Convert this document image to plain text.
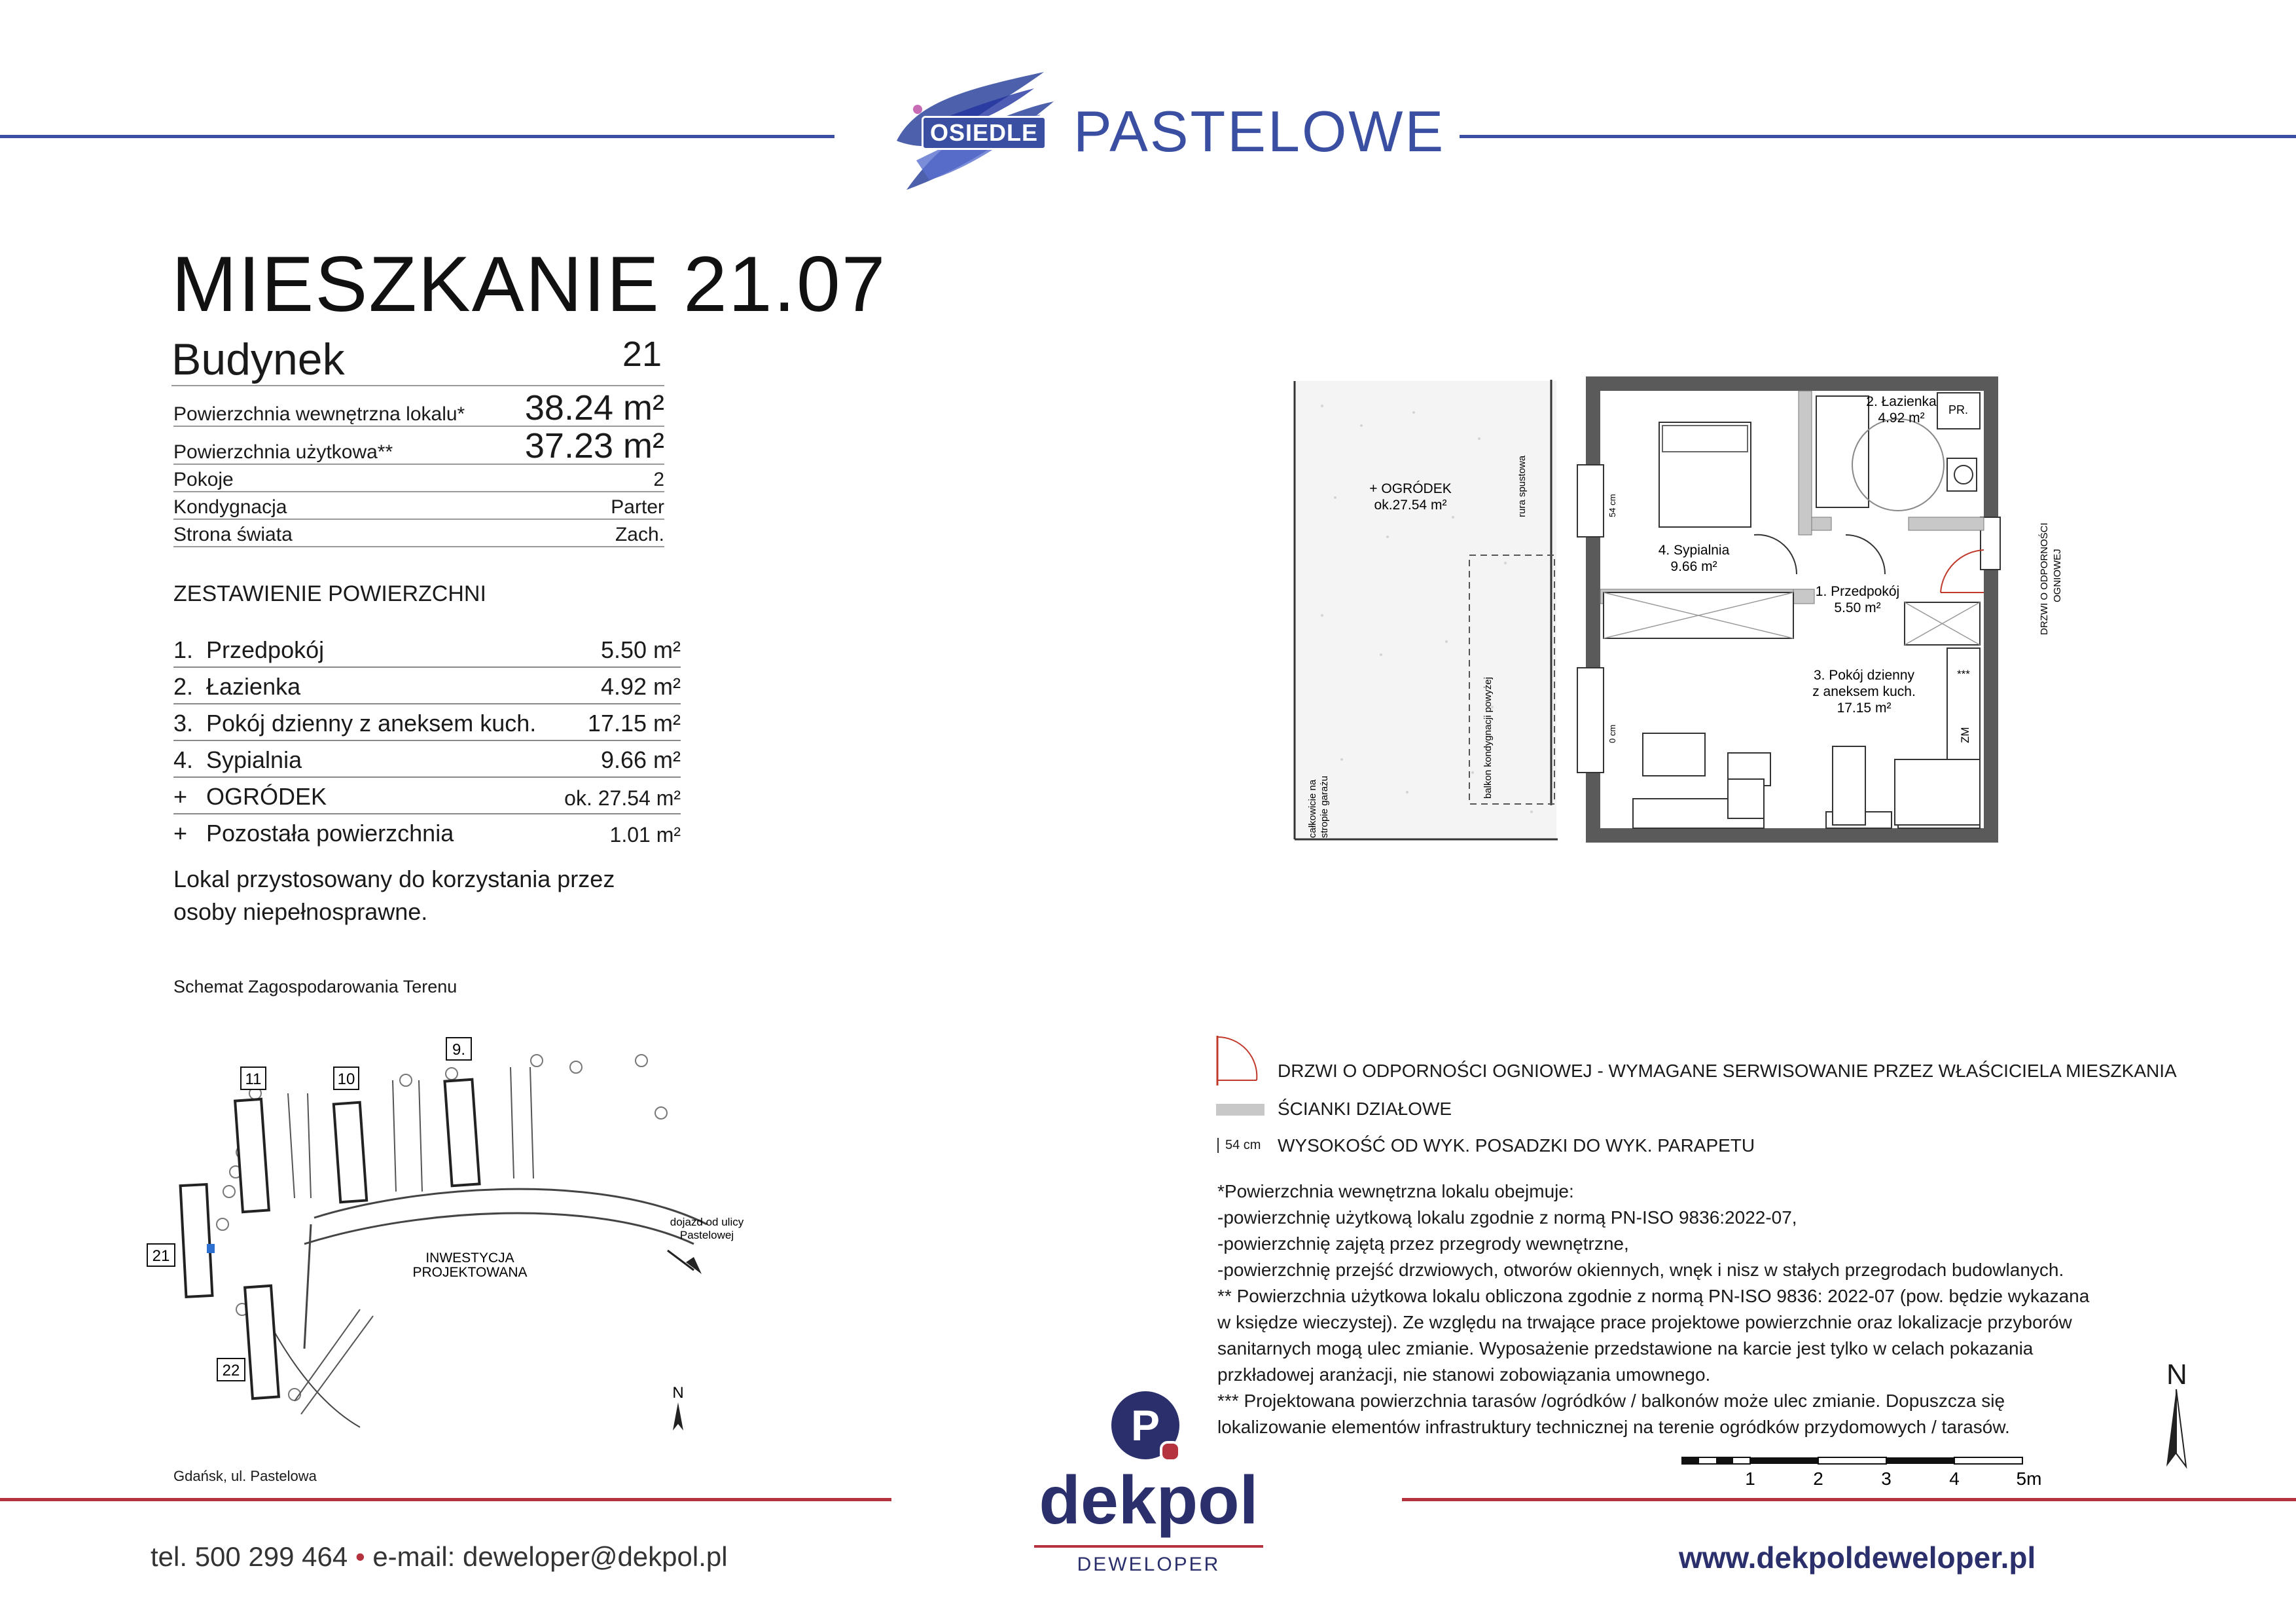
OSIEDLE PASTELOWE
MIESZKANIE 21.07
Budynek	21
Powierzchnia wewnętrzna lokalu* 38.24 m²
Powierzchnia użytkowa**	37.23 m²
Pokoje	2
Kondygnacja	Parter
Strona świata	Zach.
ZESTAWIENIE POWIERZCHNI
1. Przedpokój	5.50 m²
2. Łazienka	4.92 m²
3. Pokój dzienny z aneksem kuch. 17.15 m²
4. Sypialnia	9.66 m²
+ OGRÓDEK	ok. 27.54 m²
+ Pozostała powierzchnia	1.01 m²
Lokal przystosowany do korzystania przez osoby niepełnosprawne.
Schemat Zagospodarowania Terenu
11	10
9.
21
22
INWESTYCJA
PROJEKTOWANA
dojazd od ulicy
Pastelowej
N
Gdańsk, ul. Pastelowa
+ OGRÓDEK
ok.27.54 m²	rura spustowa
balkon kondygnacji powyżej
całkowicie na stropie garażu
54 cm
0 cm
2. Łazienka
4.92 m²
PR.
4. Sypialnia
9.66 m²
1. Przedpokój
5.50 m²
3. Pokój dzienny
z aneksem kuch.
17.15 m²
DRZWI O ODPORNOŚCI OGNIOWEJ
***
ZM
DRZWI O ODPORNOŚCI OGNIOWEJ - WYMAGANE SERWISOWANIE PRZEZ WŁAŚCICIELA MIESZKANIA
ŚCIANKI DZIAŁOWE
54 cm WYSOKOŚĆ OD WYK. POSADZKI DO WYK. PARAPETU
*Powierzchnia wewnętrzna lokalu obejmuje:
-powierzchnię użytkową lokalu zgodnie z normą PN-ISO 9836:2022-07,
-powierzchnię zajętą przez przegrody wewnętrzne,
-powierzchnię przejść drzwiowych, otworów okiennych, wnęk i nisz w stałych przegrodach budowlanych.
** Powierzchnia użytkowa lokalu obliczona zgodnie z normą PN-ISO 9836: 2022-07 (pow. będzie wykazana
w księdze wieczystej). Ze względu na trwające prace projektowe powierzchnie oraz lokalizacje przyborów
sanitarnych mogą ulec zmianie. Wyposażenie przedstawione na karcie jest tylko w celach pokazania
przkładowej aranżacji, nie stanowi zobowiązania umownego.
*** Projektowana powierzchnia tarasów /ogródków / balkonów może ulec zmianie. Dopuszcza się
lokalizowanie elementów infrastruktury technicznej na terenie ogródków przydomowych / tarasów.
N
1	2	3	4	5m
tel. 500 299 464 • e-mail: deweloper@dekpol.pl
P
dekpol
DEWELOPER	www.dekpoldeweloper.pl
